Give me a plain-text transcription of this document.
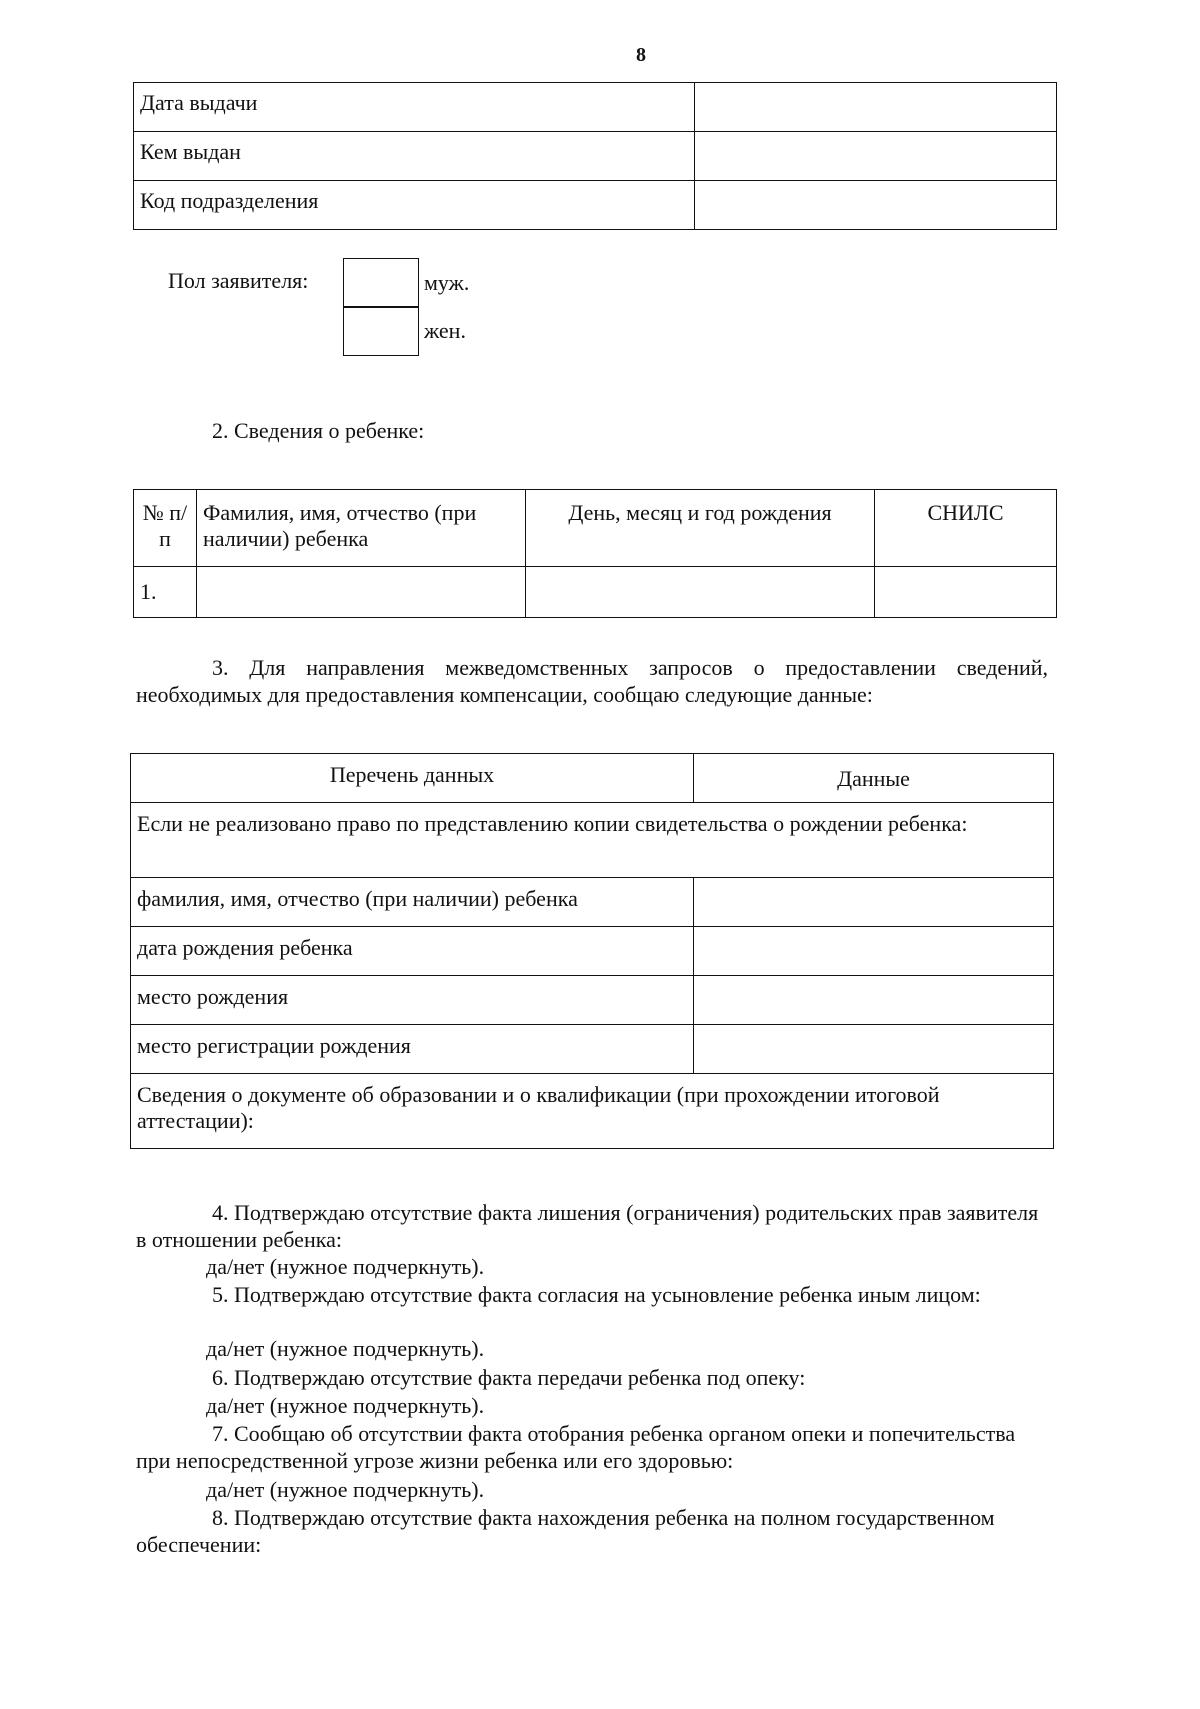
8
Дата выдачи	

Кем выдан	

Код подразделения	

Пол заявителя:	муж.
жен.
2. Сведения о ребенке:
№ п/п	Фамилия, имя, отчество (при наличии) ребенка	День, месяц и год рождения	СНИЛС

1.			

3. Для направления межведомственных запросов о предоставлении сведений, необходимых для предоставления компенсации, сообщаю следующие данные:
Перечень данных	Данные

Если не реализовано право по представлению копии свидетельства о рождении ребенка:	

фамилия, имя, отчество (при наличии) ребенка	

дата рождения ребенка	

место рождения	

место регистрации рождения	

Сведения о документе об образовании и о квалификации (при прохождении итоговой аттестации):	
4. Подтверждаю отсутствие факта лишения (ограничения) родительских прав заявителя в отношении ребенка:
да/нет (нужное подчеркнуть).
5. Подтверждаю отсутствие факта согласия на усыновление ребенка иным лицом:
да/нет (нужное подчеркнуть).
6. Подтверждаю отсутствие факта передачи ребенка под опеку:
да/нет (нужное подчеркнуть).
7. Сообщаю об отсутствии факта отобрания ребенка органом опеки и попечительства при непосредственной угрозе жизни ребенка или его здоровью:
да/нет (нужное подчеркнуть).
8. Подтверждаю отсутствие факта нахождения ребенка на полном государственном обеспечении:
